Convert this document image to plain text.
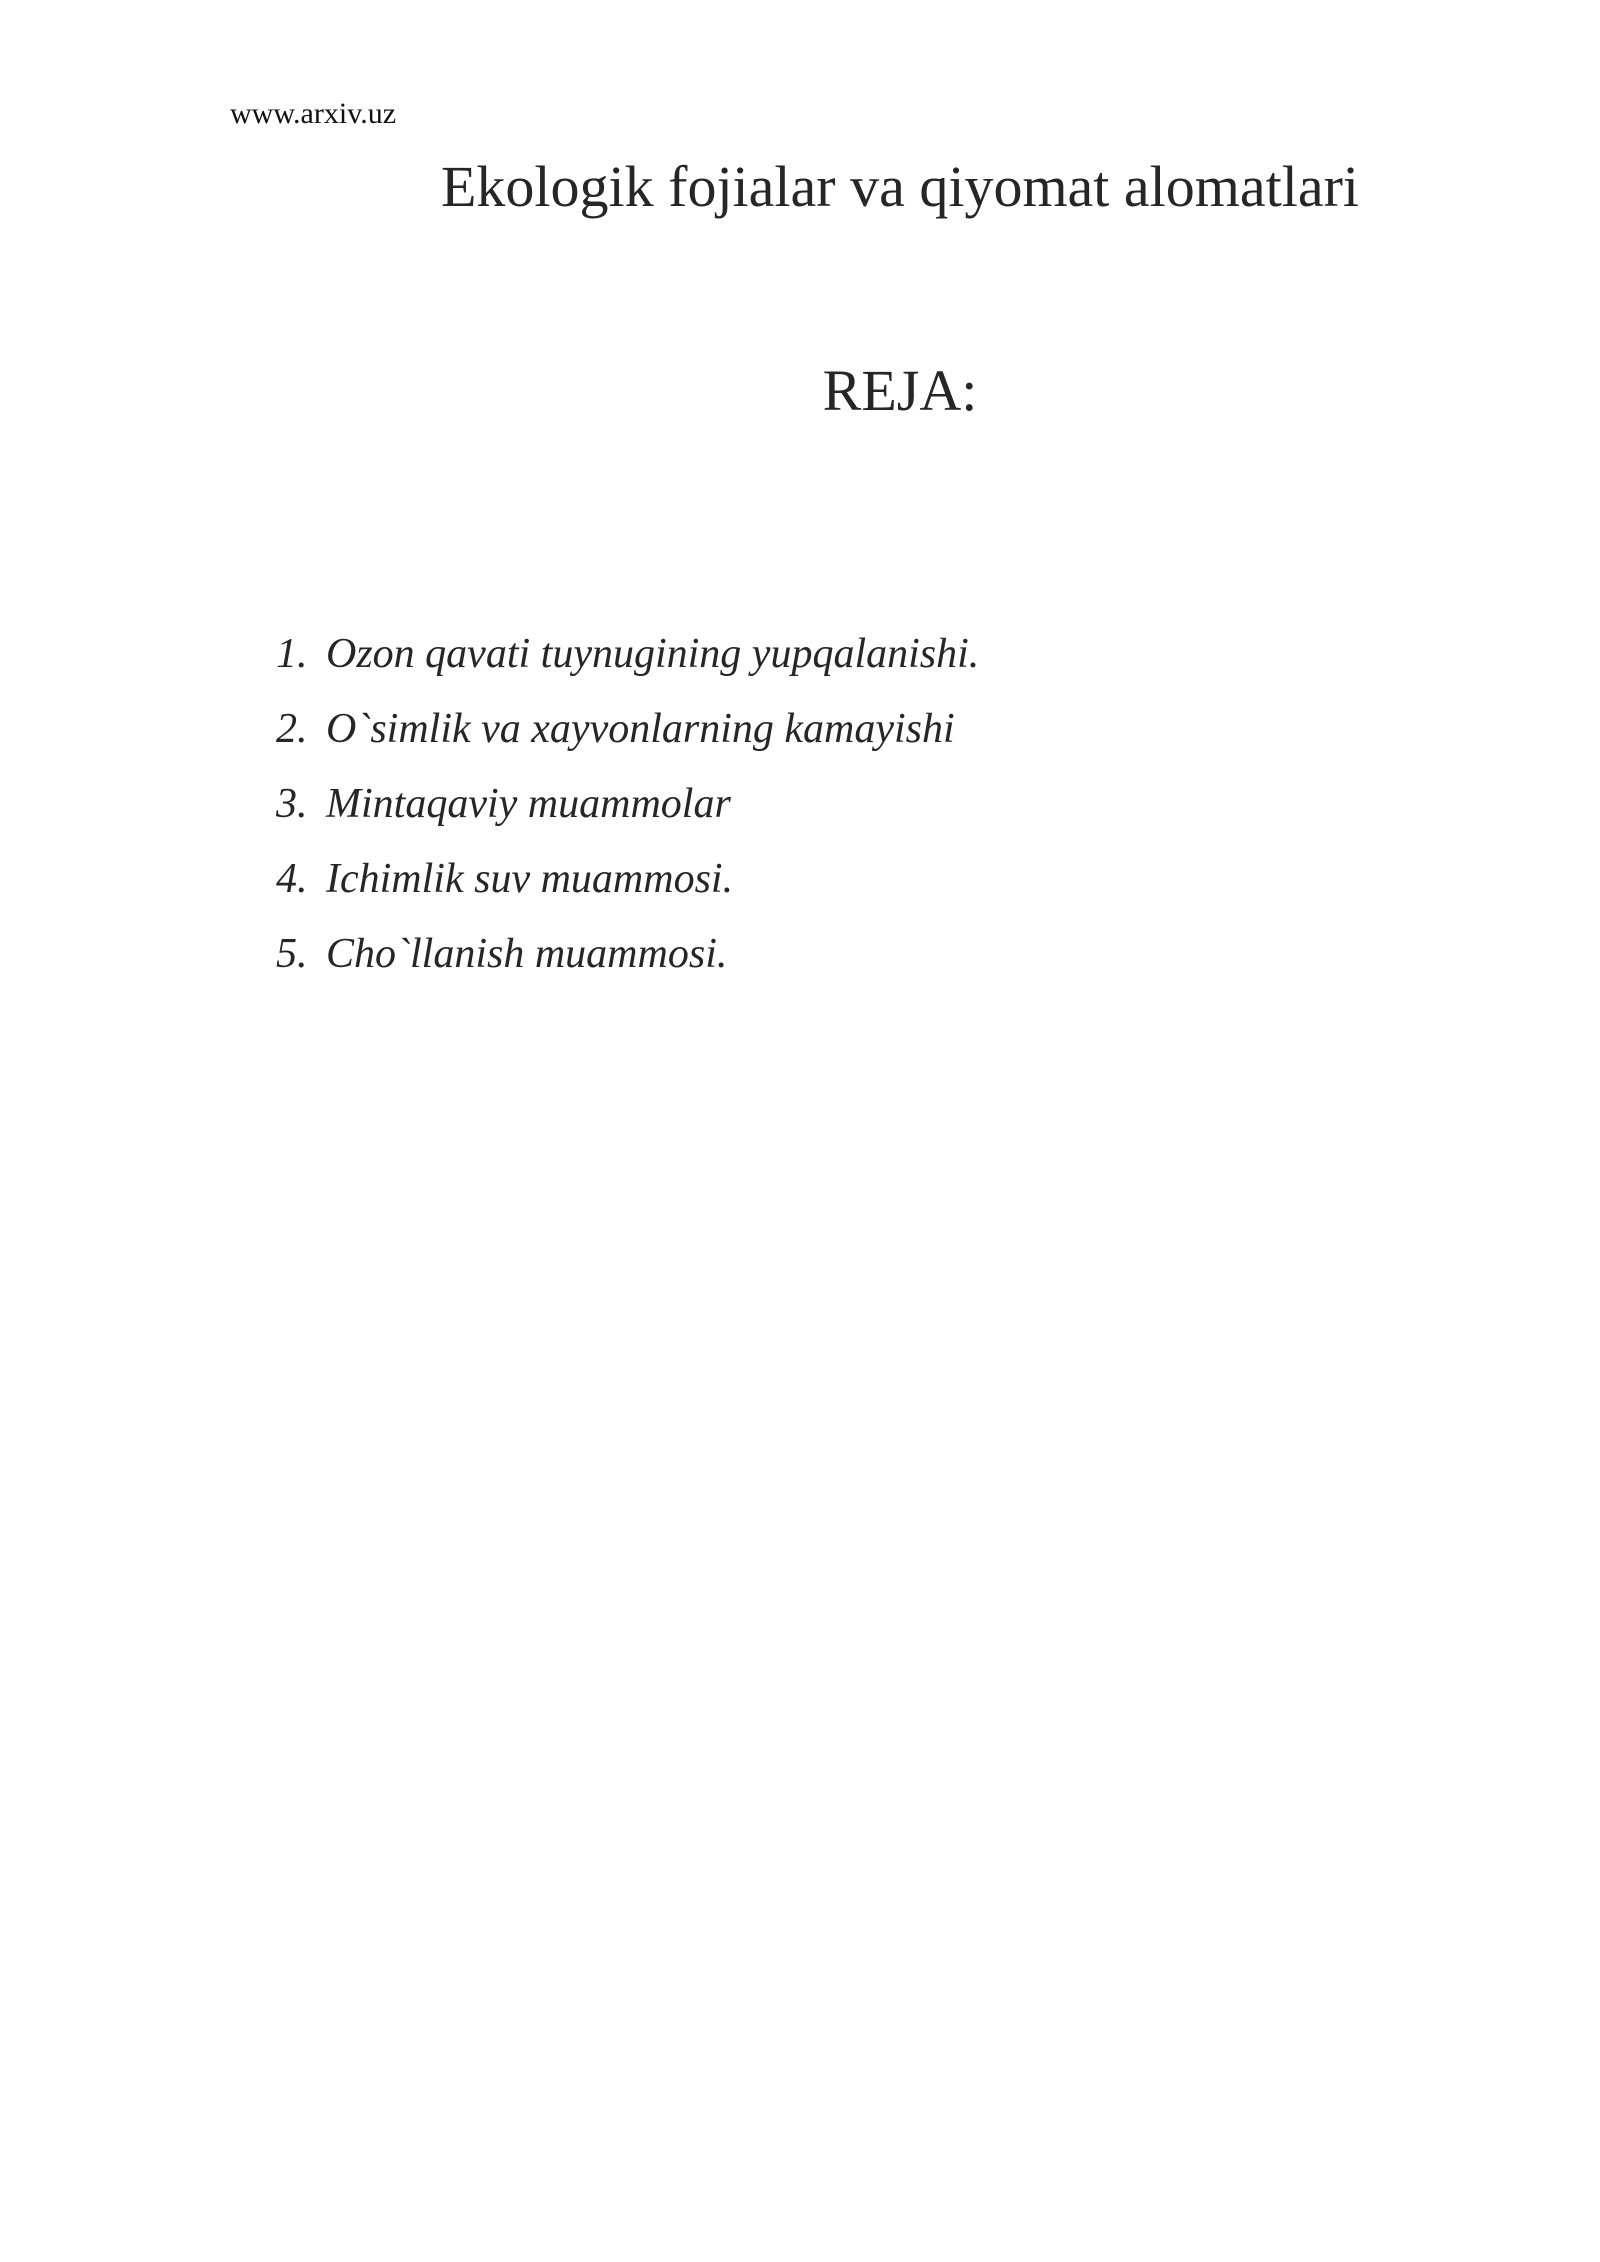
www.arxiv.uz
Ekologik fojialar va qiyomat alomatlari
REJA:
1. Ozon qavati tuynugining yupqalanishi.
2. O`simlik va xayvonlarning kamayishi
3. Mintaqaviy muammolar
4. Ichimlik suv muammosi.
5. Cho`llanish muammosi.
